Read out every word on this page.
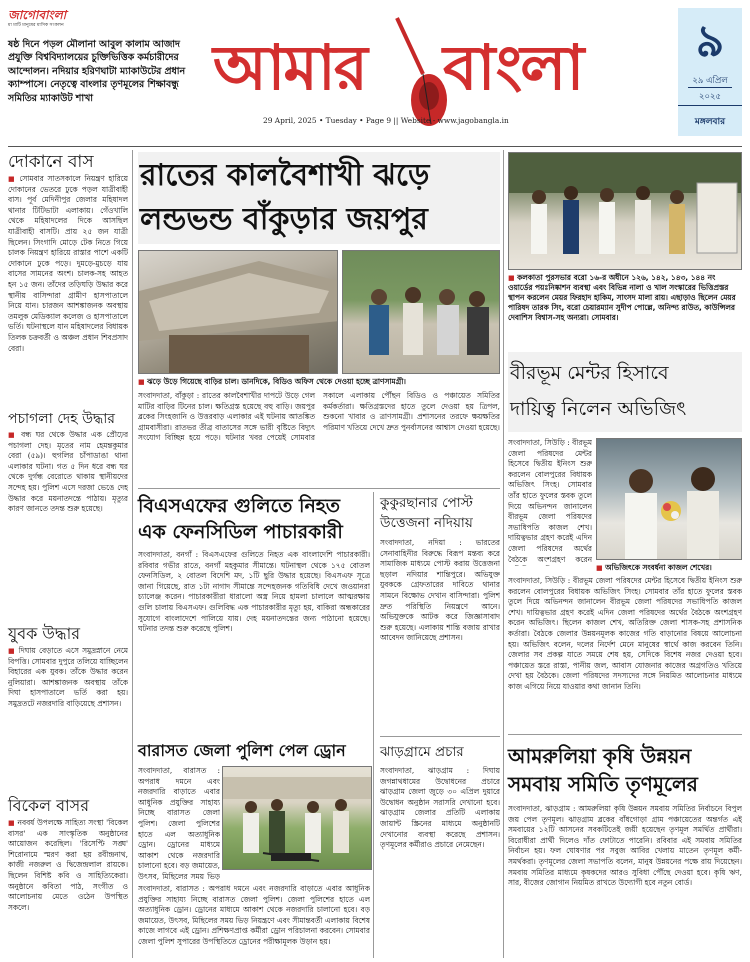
জাগোবাংলা
মা মাটি মানুষের মাসিক সংকলন
ষষ্ঠ দিনে পড়ল মৌলানা আবুল কালাম আজাদ প্রযুক্তি বিশ্ববিদ্যালয়ের চুক্তিভিত্তিক কর্মচারীদের আন্দোলন। নদিয়ার হরিণঘাটা ম্যাকাউটের প্রধান ক্যাম্পাসে। নেতৃত্বে বাংলার তৃণমূলের শিক্ষাবন্ধু সমিতির ম্যাকাউট শাখা	আমার বাংলা
29 April, 2025 • Tuesday • Page 9 || Website - www.jagobangla.in
৯
২৯ এপ্রিল
২০২৫
মঙ্গলবার
দোকানে বাস
■ সোমবার সাতসকালে নিয়ন্ত্রণ হারিয়ে দোকানের ভেতরে ঢুকে পড়ল যাত্রীবাহী বাস। পূর্ব মেদিনীপুর জেলার মহিষাদল থানার টিটিভাটা এলাকায়। গেঁওখালি থেকে মহিষাদলের দিকে আসছিল যাত্রীবাহী বাসটি। প্রায় ২৫ জন যাত্রী ছিলেন। সিংগাদি মোড়ে টেক নিতে গিয়ে চালক নিয়ন্ত্রণ হারিয়ে রাস্তার পাশে একটি দোকানে ঢুকে পড়ে। দুমড়ে-মুচড়ে যায় বাসের সামনের অংশ। চালক-সহ আহত হন ১৫ জন। তাঁদের তড়িঘড়ি উদ্ধার করে স্থানীয় বাসিন্দারা গ্রামীণ হাসপাতালে নিয়ে যান। চারজন আশঙ্কাজনক অবস্থায় তমলুক মেডিক্যাল কলেজ ও হাসপাতালে ভর্তি। ঘটনাস্থলে যান মহিষাদলের বিধায়ক তিলক চক্রবর্তী ও অঞ্চল প্রধান শিবপ্রসাদ বেরা।
পচাগলা দেহ উদ্ধার
■ বন্ধ ঘর থেকে উদ্ধার এক প্রৌঢ়ের পচাগলা দেহ। মৃতের নাম হেমন্তকুমার বেরা (৫৯)। হুগলির চাঁপাডাঙা থানা এলাকার ঘটনা। গত ৫ দিন ধরে বন্ধ ঘর থেকে দুর্গন্ধ বেরোতে থাকায় স্থানীয়দের সন্দেহ হয়। পুলিশ এসে দরজা ভেঙে দেহ উদ্ধার করে ময়নাতদন্তে পাঠায়। মৃত্যুর কারণ জানতে তদন্ত শুরু হয়েছে।
যুবক উদ্ধার
■ দিঘায় বেড়াতে এসে সমুদ্রস্নানে নেমে বিপত্তি। সোমবার দুপুরে তলিয়ে যাচ্ছিলেন বিহারের এক যুবক। তাঁকে উদ্ধার করেন নুলিয়ারা। আশঙ্কাজনক অবস্থায় তাঁকে দিঘা হাসপাতালে ভর্তি করা হয়। সমুদ্রতটে নজরদারি বাড়িয়েছে প্রশাসন।
বিকেল বাসর
■ নববর্ষ উপলক্ষে সাহিত্য সংস্থা 'বিকেল বাসর' এক সাংস্কৃতিক অনুষ্ঠানের আয়োজন করেছিল। 'রিসেপ্টি সঙ্ঘ' শিরোনামে স্মরণ করা হয় রবীন্দ্রনাথ, কাজী নজরুল ও দ্বিজেন্দ্রলাল রায়কে। ছিলেন বিশিষ্ট কবি ও সাহিত্যিকেরা। অনুষ্ঠানে কবিতা পাঠ, সংগীত ও আলোচনায় মেতে ওঠেন উপস্থিত সকলে।
রাতের কালবৈশাখী ঝড়ে
লন্ডভন্ড বাঁকুড়ার জয়পুর
■ ঝড়ে উড়ে গিয়েছে বাড়ির চাল। ডানদিকে, বিডিও অফিস থেকে দেওয়া হচ্ছে ত্রাণসামগ্রী।
সংবাদদাতা, বাঁকুড়া : রাতের কালবৈশাখীর দাপটে উড়ে গেল মাটির বাড়ির টিনের চাল। ক্ষতিগ্রস্ত হয়েছে বহু বাড়ি। জয়পুর ব্লকের সিংহজানি ও উত্তরবাড় এলাকার এই ঘটনায় আতঙ্কিত গ্রামবাসীরা। রাতভর তীব্র বাতাসের সঙ্গে ভারী বৃষ্টিতে বিদ্যুৎ সংযোগ বিচ্ছিন্ন হয়ে পড়ে। ঘটনার খবর পেয়েই সোমবার সকালে এলাকায় পৌঁছন বিডিও ও পঞ্চায়েত সমিতির কর্মকর্তারা। ক্ষতিগ্রস্তদের হাতে তুলে দেওয়া হয় ত্রিপল, শুকনো খাবার ও ত্রাণসামগ্রী। প্রশাসনের তরফে ক্ষয়ক্ষতির পরিমাণ খতিয়ে দেখে দ্রুত পুনর্বাসনের আশ্বাস দেওয়া হয়েছে।
বিএসএফের গুলিতে নিহত
এক ফেনসিডিল পাচারকারী
সংবাদদাতা, বনগাঁ : বিএসএফের গুলিতে নিহত এক বাংলাদেশি পাচারকারী। রবিবার গভীর রাতে, বনগাঁ মহকুমার সীমান্তে। ঘটনাস্থল থেকে ১৭৫ বোতল ফেনসিডিল, ২ বোতল বিদেশি মদ, ১টি ছুরি উদ্ধার হয়েছে। বিএসএফ সূত্রে জানা গিয়েছে, রাত ১টা নাগাদ সীমান্তে সন্দেহজনক গতিবিধি দেখে জওয়ানরা চ্যালেঞ্জ করেন। পাচারকারীরা ধারালো অস্ত্র নিয়ে হামলা চালালে আত্মরক্ষায় গুলি চালায় বিএসএফ। গুলিবিদ্ধ এক পাচারকারীর মৃত্যু হয়, বাকিরা অন্ধকারের সুযোগে বাংলাদেশে পালিয়ে যায়। দেহ ময়নাতদন্তের জন্য পাঠানো হয়েছে। ঘটনার তদন্ত শুরু করেছে পুলিশ।
বারাসত জেলা পুলিশ পেল ড্রোন
সংবাদদাতা, বারাসত : অপরাধ দমনে এবং নজরদারি বাড়াতে এবার আধুনিক প্রযুক্তির সাহায্য নিচ্ছে বারাসত জেলা পুলিশ। জেলা পুলিশের হাতে এল অত্যাধুনিক ড্রোন। ড্রোনের মাধ্যমে আকাশ থেকে নজরদারি চালানো হবে। বড় জমায়েত, উৎসব, মিছিলের সময় ভিড়
সংবাদদাতা, বারাসত : অপরাধ দমনে এবং নজরদারি বাড়াতে এবার আধুনিক প্রযুক্তির সাহায্য নিচ্ছে বারাসত জেলা পুলিশ। জেলা পুলিশের হাতে এল অত্যাধুনিক ড্রোন। ড্রোনের মাধ্যমে আকাশ থেকে নজরদারি চালানো হবে। বড় জমায়েত, উৎসব, মিছিলের সময় ভিড় নিয়ন্ত্রণে এবং সীমান্তবর্তী এলাকায় বিশেষ কাজে লাগবে এই ড্রোন। প্রশিক্ষণপ্রাপ্ত কর্মীরা ড্রোন পরিচালনা করবেন। সোমবার জেলা পুলিশ সুপারের উপস্থিতিতে ড্রোনের পরীক্ষামূলক উড়ান হয়।
কুকুরছানার পোস্ট
উত্তেজনা নদিয়ায়
সংবাদদাতা, নদিয়া : ভারতের সেনাবাহিনীর বিরুদ্ধে বিরূপ মন্তব্য করে সামাজিক মাধ্যমে পোস্ট করায় উত্তেজনা ছড়াল নদিয়ার শান্তিপুরে। অভিযুক্ত যুবককে গ্রেফতারের দাবিতে থানার সামনে বিক্ষোভ দেখান বাসিন্দারা। পুলিশ দ্রুত পরিস্থিতি নিয়ন্ত্রণে আনে। অভিযুক্তকে আটক করে জিজ্ঞাসাবাদ শুরু হয়েছে। এলাকায় শান্তি বজায় রাখার আবেদন জানিয়েছে প্রশাসন।
ঝাড়গ্রামে প্রচার
সংবাদদাতা, ঝাড়গ্রাম : দিঘায় জগন্নাথধামের উদ্বোধনের প্রচারে ঝাড়গ্রাম জেলা জুড়ে ৩০ এপ্রিল দুয়ারে উদ্বোধন অনুষ্ঠান সরাসরি দেখানো হবে। ঝাড়গ্রাম জেলার প্রতিটি এলাকায় জায়ান্ট স্ক্রিনের মাধ্যমে অনুষ্ঠানটি দেখানোর ব্যবস্থা করেছে প্রশাসন। তৃণমূলের কর্মীরাও প্রচারে নেমেছেন।
■ কলকাতা পুরসভার বরো ১৬-র অধীনে ১২৬, ১৪২, ১৪৩, ১৪৪ নং ওয়ার্ডের পয়ঃনিষ্কাশন ব্যবস্থা এবং বিভিন্ন নালা ও খাল সংস্কারের ভিত্তিপ্রস্তর স্থাপন করলেন মেয়র ফিরহাদ হাকিম, সাংসদ মালা রায়। এছাড়াও ছিলেন মেয়র পারিষদ তারক সিং, বরো চেয়ারম্যান সুদীপ পোল্লে, অনিন্দ্য রাউত, কাউন্সিলর দেবাশিস বিশ্বাস-সহ অন্যরা। সোমবার।
বীরভূম মেন্টর হিসাবে
দায়িত্ব নিলেন অভিজিৎ
সংবাদদাতা, সিউড়ি : বীরভূম জেলা পরিষদের মেন্টর হিসেবে দ্বিতীয় ইনিংস শুরু করলেন বোলপুরের বিধায়ক অভিজিৎ সিংহ। সোমবার তাঁর হাতে ফুলের স্তবক তুলে দিয়ে অভিনন্দন জানালেন বীরভূম জেলা পরিষদের সভাধিপতি কাজল শেখ। দায়িত্বভার গ্রহণ করেই এদিন জেলা পরিষদের অর্থের বৈঠকে অংশগ্রহণ করেন
■ অভিজিৎকে সংবর্ধনা কাজল শেখের।
সংবাদদাতা, সিউড়ি : বীরভূম জেলা পরিষদের মেন্টর হিসেবে দ্বিতীয় ইনিংস শুরু করলেন বোলপুরের বিধায়ক অভিজিৎ সিংহ। সোমবার তাঁর হাতে ফুলের স্তবক তুলে দিয়ে অভিনন্দন জানালেন বীরভূম জেলা পরিষদের সভাধিপতি কাজল শেখ। দায়িত্বভার গ্রহণ করেই এদিন জেলা পরিষদের অর্থের বৈঠকে অংশগ্রহণ করেন অভিজিৎ। ছিলেন কাজল শেখ, অতিরিক্ত জেলা শাসক-সহ প্রশাসনিক কর্তারা। বৈঠকে জেলার উন্নয়নমূলক কাজের গতি বাড়ানোর বিষয়ে আলোচনা হয়। অভিজিৎ বলেন, দলের নির্দেশ মেনে মানুষের স্বার্থে কাজ করবেন তিনি। জেলার সব প্রকল্প যাতে সময়ে শেষ হয়, সেদিকে বিশেষ নজর দেওয়া হবে। পঞ্চায়েত স্তরে রাস্তা, পানীয় জল, আবাস যোজনার কাজের অগ্রগতিও খতিয়ে দেখা হয় বৈঠকে। জেলা পরিষদের সদস্যদের সঙ্গে নিয়মিত আলোচনার মাধ্যমে কাজ এগিয়ে নিয়ে যাওয়ার কথা জানান তিনি।
আমরুলিয়া কৃষি উন্নয়ন
সমবায় সমিতি তৃণমূলের
সংবাদদাতা, ঝাড়গ্রাম : আমরুলিয়া কৃষি উন্নয়ন সমবায় সমিতির নির্বাচনে বিপুল জয় পেল তৃণমূল। ঝাড়গ্রাম ব্লকের বাঁধগোড়া গ্রাম পঞ্চায়েতের অন্তর্গত এই সমবায়ের ১২টি আসনের সবকটিতেই জয়ী হয়েছেন তৃণমূল সমর্থিত প্রার্থীরা। বিরোধীরা প্রার্থী দিলেও দাঁত ফোটাতে পারেনি। রবিবার এই সমবায় সমিতির নির্বাচন হয়। ফল ঘোষণার পর সবুজ আবির খেলায় মাতেন তৃণমূল কর্মী-সমর্থকরা। তৃণমূলের জেলা সভাপতি বলেন, মানুষ উন্নয়নের পক্ষে রায় দিয়েছেন। সমবায় সমিতির মাধ্যমে কৃষকদের আরও সুবিধা পৌঁছে দেওয়া হবে। কৃষি ঋণ, সার, বীজের জোগান নিয়মিত রাখতে উদ্যোগী হবে নতুন বোর্ড।
